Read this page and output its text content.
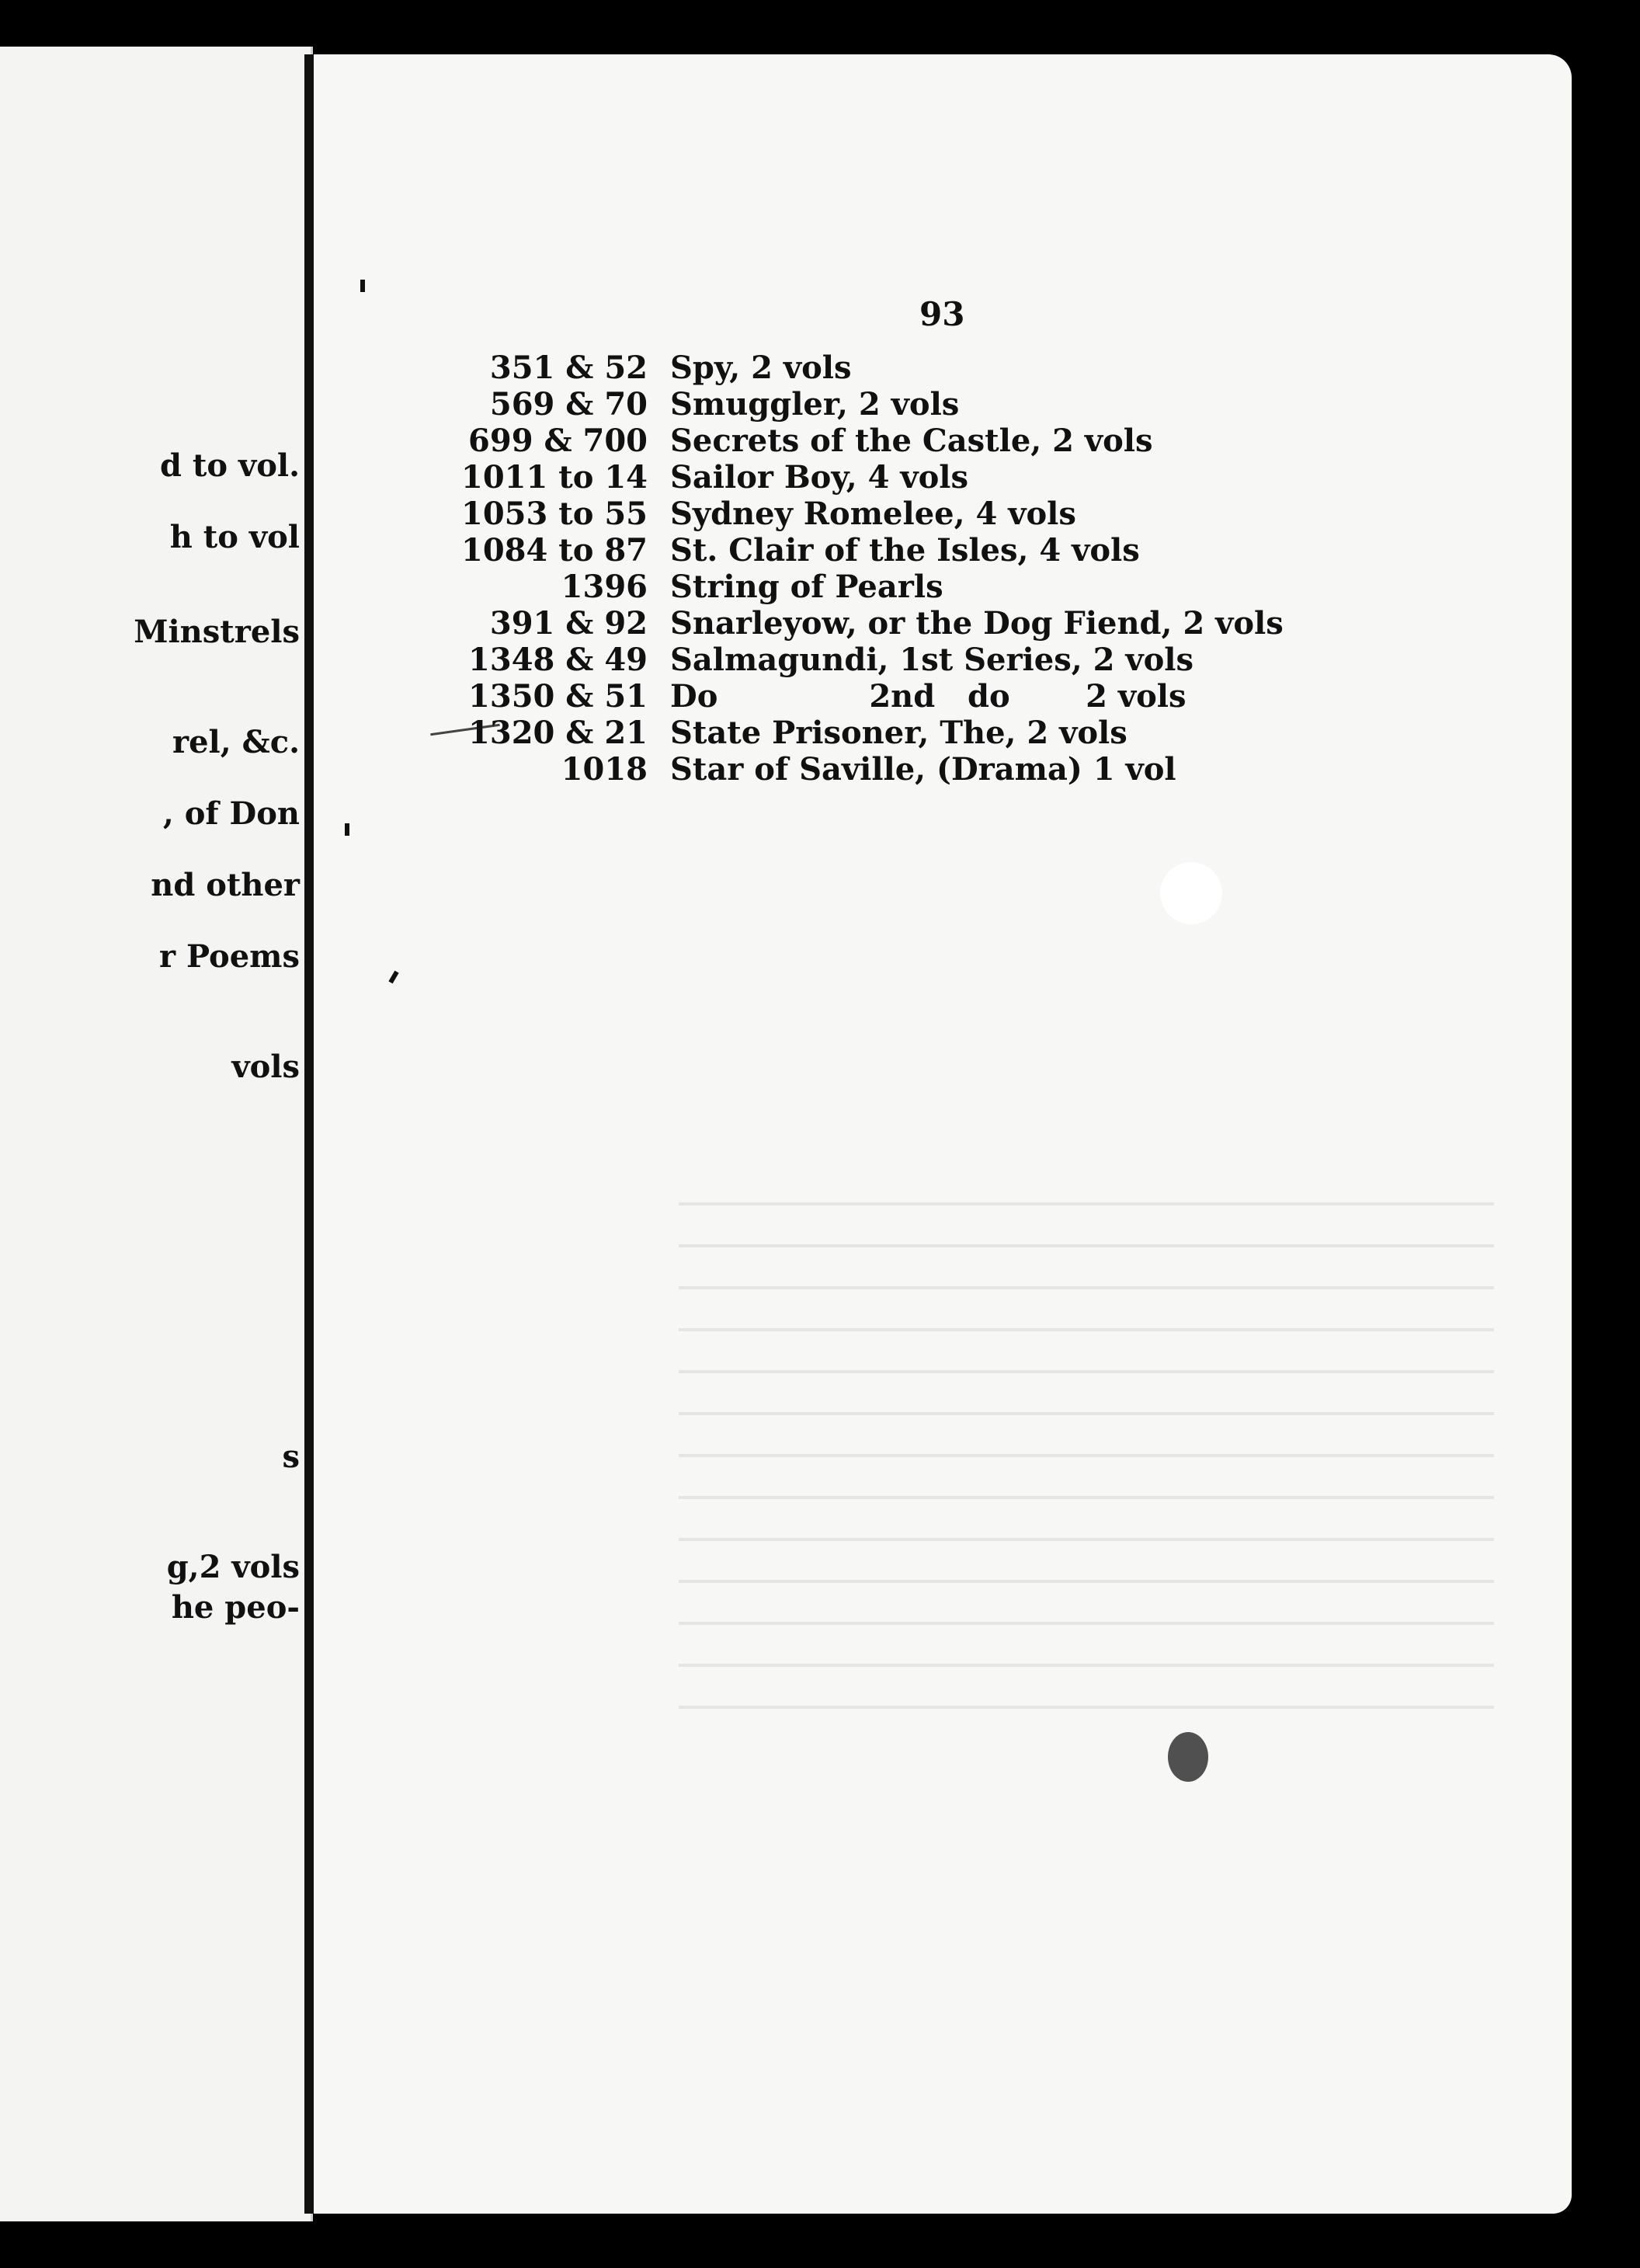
d to vol.
h to vol
Minstrels
rel, &c.
, of Don
nd other
r Poems
vols
s
g,2 vols
he peo-
93
351 & 52 Spy, 2 vols
569 & 70 Smuggler, 2 vols
699 & 700 Secrets of the Castle, 2 vols
1011 to 14 Sailor Boy, 4 vols
1053 to 55 Sydney Romelee, 4 vols
1084 to 87 St. Clair of the Isles, 4 vols
1396 String of Pearls
391 & 92 Snarleyow, or the Dog Fiend, 2 vols
1348 & 49 Salmagundi, 1st Series, 2 vols
1350 & 51 Do              2nd   do       2 vols
1320 & 21 State Prisoner, The, 2 vols
1018 Star of Saville, (Drama) 1 vol
